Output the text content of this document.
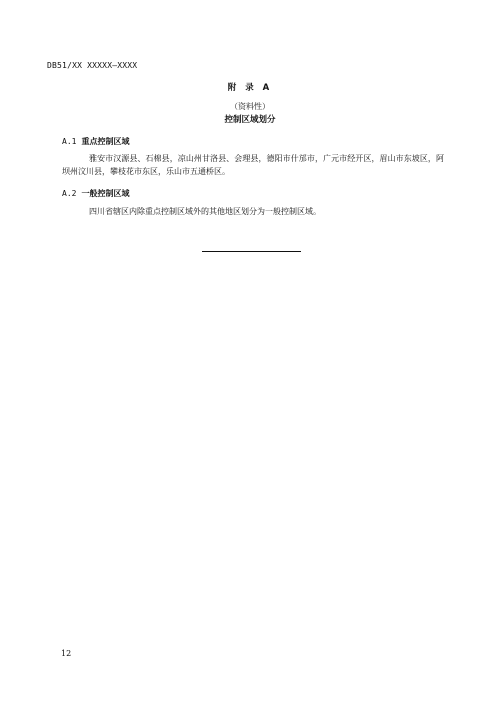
DB51/XX XXXXX—XXXX
附 录 A
（资料性）
控制区域划分
A.1 重点控制区域
雅安市汉源县、石棉县，凉山州甘洛县、会理县，德阳市什邡市，广元市经开区，眉山市东坡区，阿坝州汶川县，攀枝花市东区，乐山市五通桥区。
A.2 一般控制区域
四川省辖区内除重点控制区域外的其他地区划分为一般控制区域。
12
